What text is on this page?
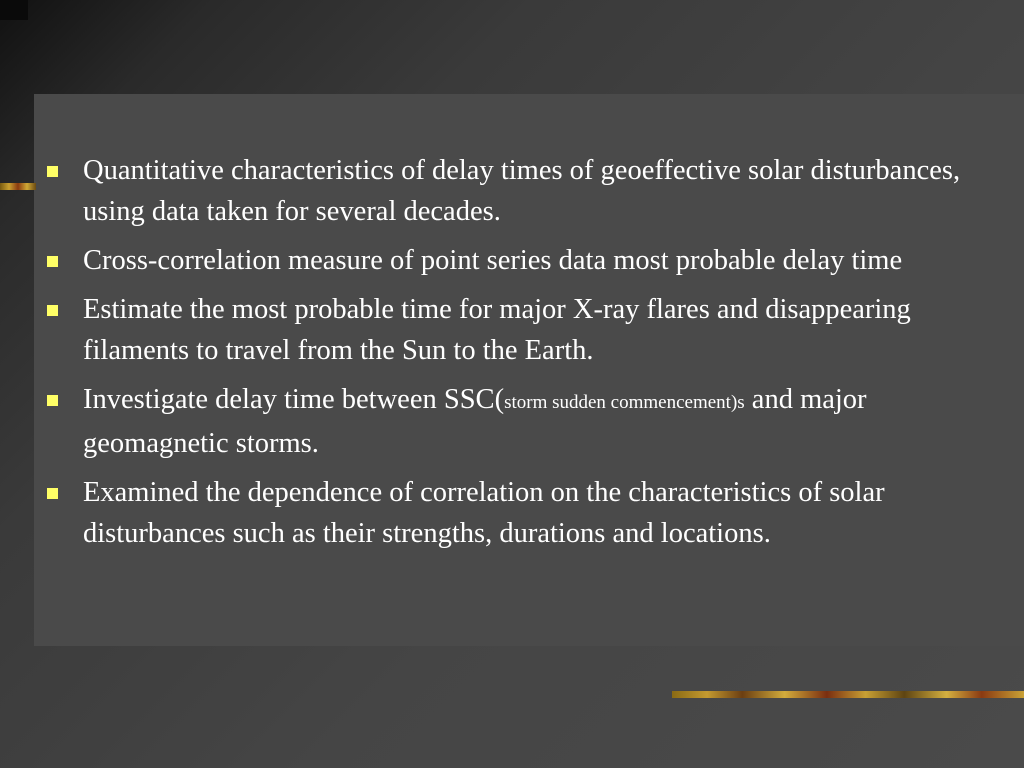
Quantitative characteristics of delay times of geoeffective solar disturbances, using data taken for several decades.
Cross-correlation measure of point series data most probable delay time
Estimate the most probable time for major X-ray flares and disappearing filaments to travel from the Sun to the Earth.
Investigate delay time between SSC(storm sudden commencement)s and major geomagnetic storms.
Examined the dependence of correlation on the characteristics of solar disturbances such as their strengths, durations and locations.
